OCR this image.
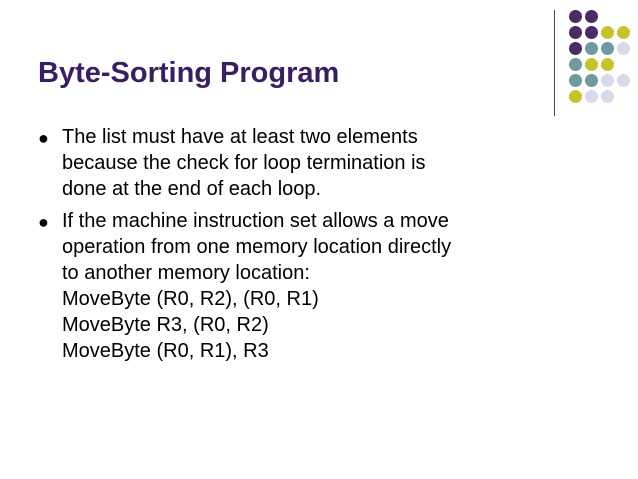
Byte-Sorting Program
● The list must have at least two elements
because the check for loop termination is
done at the end of each loop.
● If the machine instruction set allows a move
operation from one memory location directly
to another memory location:
MoveByte (R0, R2), (R0, R1)
MoveByte R3, (R0, R2)
MoveByte (R0, R1), R3
